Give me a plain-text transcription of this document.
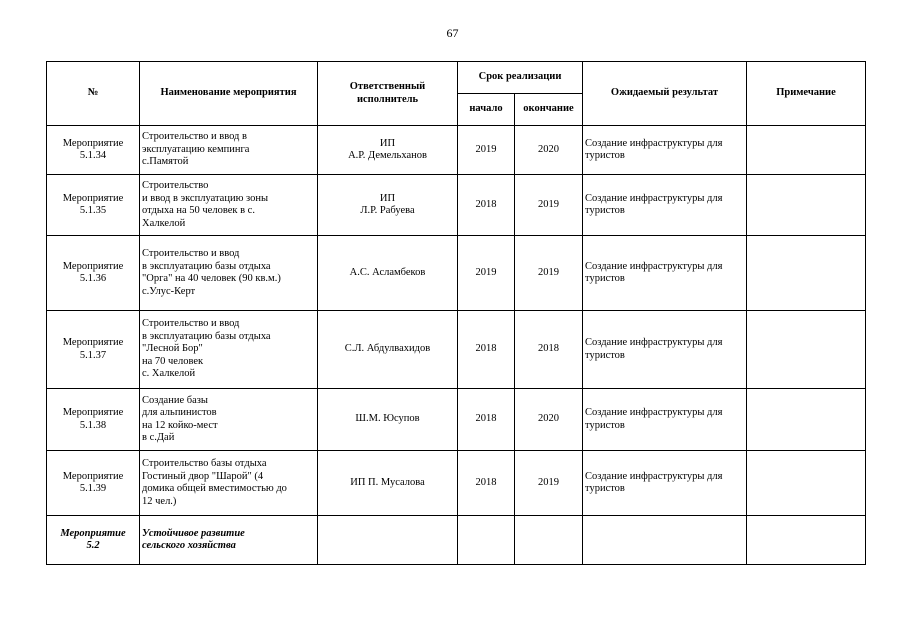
67
№	Наименование мероприятия	Ответственный
исполнитель	Срок реализации		Ожидаемый результат	Примечание
			начало	окончание		
Мероприятие
5.1.34	Строительство и ввод в
эксплуатацию кемпинга
с.Памятой	ИП
А.Р. Демельханов	2019	2020	Создание инфраструктуры для
туристов	
Мероприятие
5.1.35	Строительство
и ввод в эксплуатацию зоны
отдыха на 50 человек в с.
Халкелой	ИП
Л.Р. Рабуева	2018	2019	Создание инфраструктуры для
туристов	
Мероприятие
5.1.36	Строительство и ввод
в эксплуатацию базы отдыха
"Орга" на 40 человек (90 кв.м.)
с.Улус-Керт	А.С. Асламбеков	2019	2019	Создание инфраструктуры для
туристов	
Мероприятие
5.1.37	Строительство и ввод
в эксплуатацию базы отдыха
"Лесной Бор"
на 70 человек
с. Халкелой	С.Л. Абдулвахидов	2018	2018	Создание инфраструктуры для
туристов	
Мероприятие
5.1.38	Создание базы
для альпинистов
на 12 койко-мест
в с.Дай	Ш.М. Юсупов	2018	2020	Создание инфраструктуры для
туристов	
Мероприятие
5.1.39	Строительство базы отдыха
Гостиный двор "Шарой" (4
домика общей вместимостью до
12 чел.)	ИП П. Мусалова	2018	2019	Создание инфраструктуры для
туристов	
Мероприятие
5.2	Устойчивое развитие
сельского хозяйства					
